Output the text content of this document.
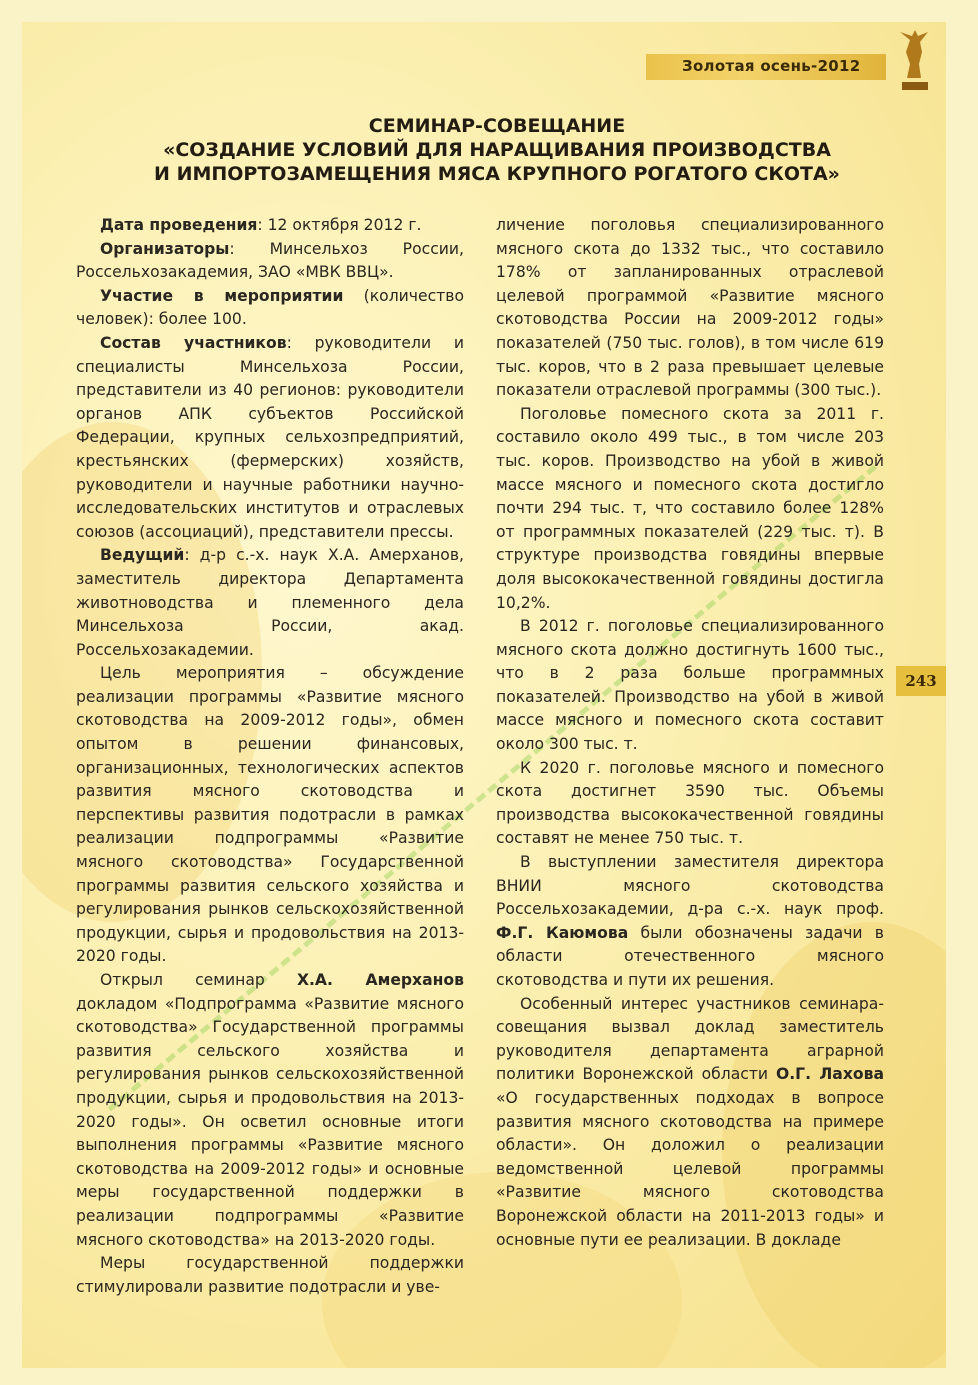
Золотая осень-2012
СЕМИНАР-СОВЕЩАНИЕ
«СОЗДАНИЕ УСЛОВИЙ ДЛЯ НАРАЩИВАНИЯ ПРОИЗВОДСТВА
И ИМПОРТОЗАМЕЩЕНИЯ МЯСА КРУПНОГО РОГАТОГО СКОТА»

Дата проведения: 12 октября 2012 г.

Организаторы: Минсельхоз России, Россельхозакадемия, ЗАО «МВК ВВЦ».

Участие в мероприятии (количество человек): более 100.

Состав участников: руководители и специалисты Минсельхоза России, представители из 40 регионов: руководители органов АПК субъектов Российской Федерации, крупных сельхозпредприятий, крестьянских (фермерских) хозяйств, руководители и научные работники научно-исследовательских институтов и отраслевых союзов (ассоциаций), представители прессы.

Ведущий: д-р с.-х. наук Х.А. Амерханов, заместитель директора Департамента животноводства и племенного дела Минсельхоза России, акад. Россельхозакадемии.

Цель мероприятия – обсуждение реализации программы «Развитие мясного скотоводства на 2009-2012 годы», обмен опытом в решении финансовых, организационных, технологических аспектов развития мясного скотоводства и перспективы развития подотрасли в рамках реализации подпрограммы «Развитие мясного скотоводства» Государственной программы развития сельского хозяйства и регулирования рынков сельскохозяйственной продукции, сырья и продовольствия на 2013-2020 годы.

Открыл семинар Х.А. Амерханов докладом «Подпрограмма «Развитие мясного скотоводства» Государственной программы развития сельского хозяйства и регулирования рынков сельскохозяйственной продукции, сырья и продовольствия на 2013-2020 годы». Он осветил основные итоги выполнения программы «Развитие мясного скотоводства на 2009-2012 годы» и основные меры государственной поддержки в реализации подпрограммы «Развитие мясного скотоводства» на 2013-2020 годы.

Меры государственной поддержки стимулировали развитие подотрасли и уве-

личение поголовья специализированного мясного скота до 1332 тыс., что составило 178% от запланированных отраслевой целевой программой «Развитие мясного скотоводства России на 2009-2012 годы» показателей (750 тыс. голов), в том числе 619 тыс. коров, что в 2 раза превышает целевые показатели отраслевой программы (300 тыс.).

Поголовье помесного скота за 2011 г. составило около 499 тыс., в том числе 203 тыс. коров. Производство на убой в живой массе мясного и помесного скота достигло почти 294 тыс. т, что составило более 128% от программных показателей (229 тыс. т). В структуре производства говядины впервые доля высококачественной говядины достигла 10,2%.

В 2012 г. поголовье специализированного мясного скота должно достигнуть 1600 тыс., что в 2 раза больше программных показателей. Производство на убой в живой массе мясного и помесного скота составит около 300 тыс. т.

К 2020 г. поголовье мясного и помесного скота достигнет 3590 тыс. Объемы производства высококачественной говядины составят не менее 750 тыс. т.

В выступлении заместителя директора ВНИИ мясного скотоводства Россельхозакадемии, д-ра с.-х. наук проф. Ф.Г. Каюмова были обозначены задачи в области отечественного мясного скотоводства и пути их решения.

Особенный интерес участников семинара-совещания вызвал доклад заместитель руководителя департамента аграрной политики Воронежской области О.Г. Лахова «О государственных подходах в вопросе развития мясного скотоводства на примере области». Он доложил о реализации ведомственной целевой программы «Развитие мясного скотоводства Воронежской области на 2011-2013 годы» и основные пути ее реализации. В докладе

243
